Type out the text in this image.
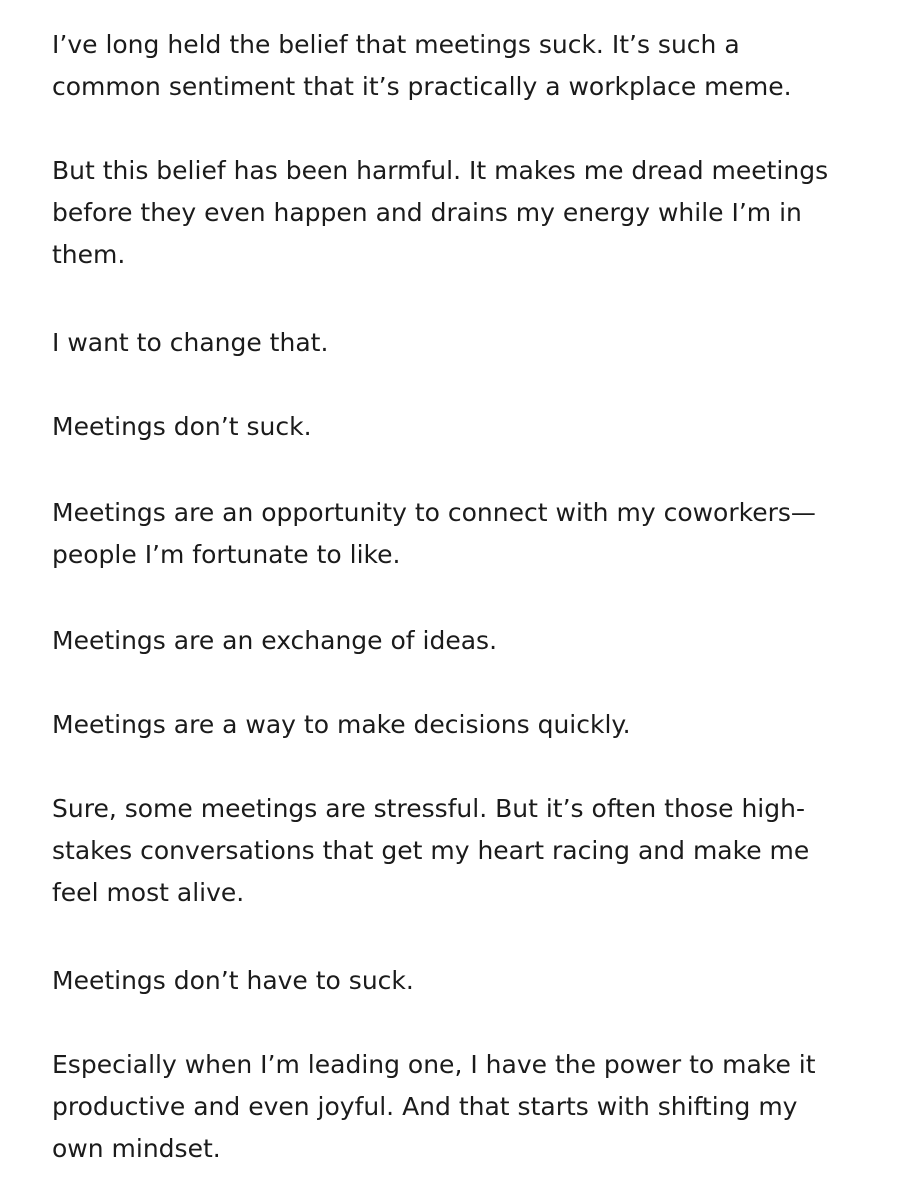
I’ve long held the belief that meetings suck. It’s such a
common sentiment that it’s practically a workplace meme.

But this belief has been harmful. It makes me dread meetings
before they even happen and drains my energy while I’m in
them.

I want to change that.

Meetings don’t suck.

Meetings are an opportunity to connect with my coworkers—
people I’m fortunate to like.

Meetings are an exchange of ideas.

Meetings are a way to make decisions quickly.

Sure, some meetings are stressful. But it’s often those high-
stakes conversations that get my heart racing and make me
feel most alive.

Meetings don’t have to suck.

Especially when I’m leading one, I have the power to make it
productive and even joyful. And that starts with shifting my
own mindset.
